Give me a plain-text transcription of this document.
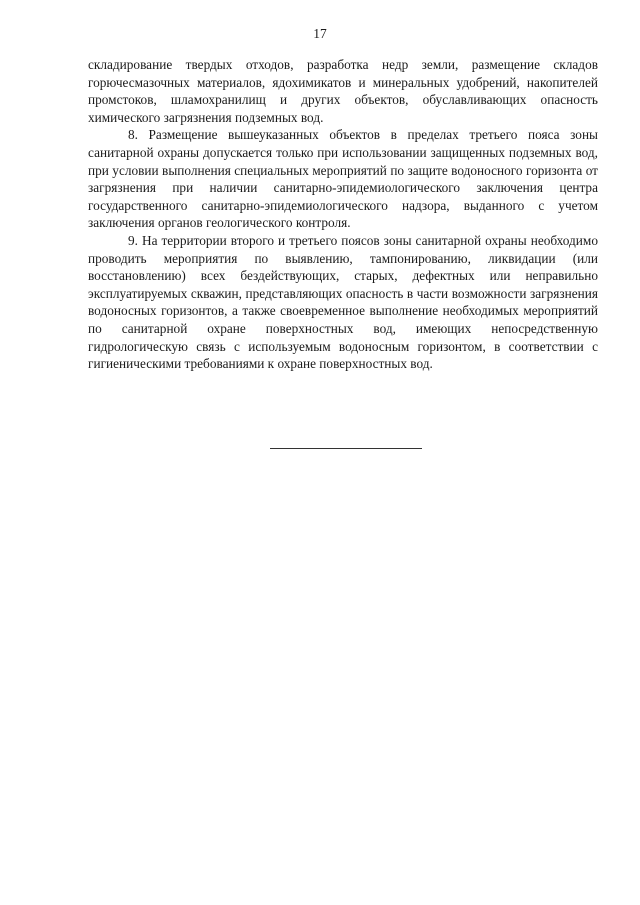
17

складирование твердых отходов, разработка недр земли, размещение складов горючесмазочных материалов, ядохимикатов и минеральных удобрений, накопителей промстоков, шламохранилищ и других объектов, обуславливающих опасность химического загрязнения подземных вод.

8. Размещение вышеуказанных объектов в пределах третьего пояса зоны санитарной охраны допускается только при использовании защищенных подземных вод, при условии выполнения специальных мероприятий по защите водоносного горизонта от загрязнения при наличии санитарно-эпидемиологического заключения центра государственного санитарно-эпидемиологического надзора, выданного с учетом заключения органов геологического контроля.

9. На территории второго и третьего поясов зоны санитарной охраны необходимо проводить мероприятия по выявлению, тампонированию, ликвидации (или восстановлению) всех бездействующих, старых, дефектных или неправильно эксплуатируемых скважин, представляющих опасность в части возможности загрязнения водоносных горизонтов, а также своевременное выполнение необходимых мероприятий по санитарной охране поверхностных вод, имеющих непосредственную гидрологическую связь с используемым водоносным горизонтом, в соответствии с гигиеническими требованиями к охране поверхностных вод.
